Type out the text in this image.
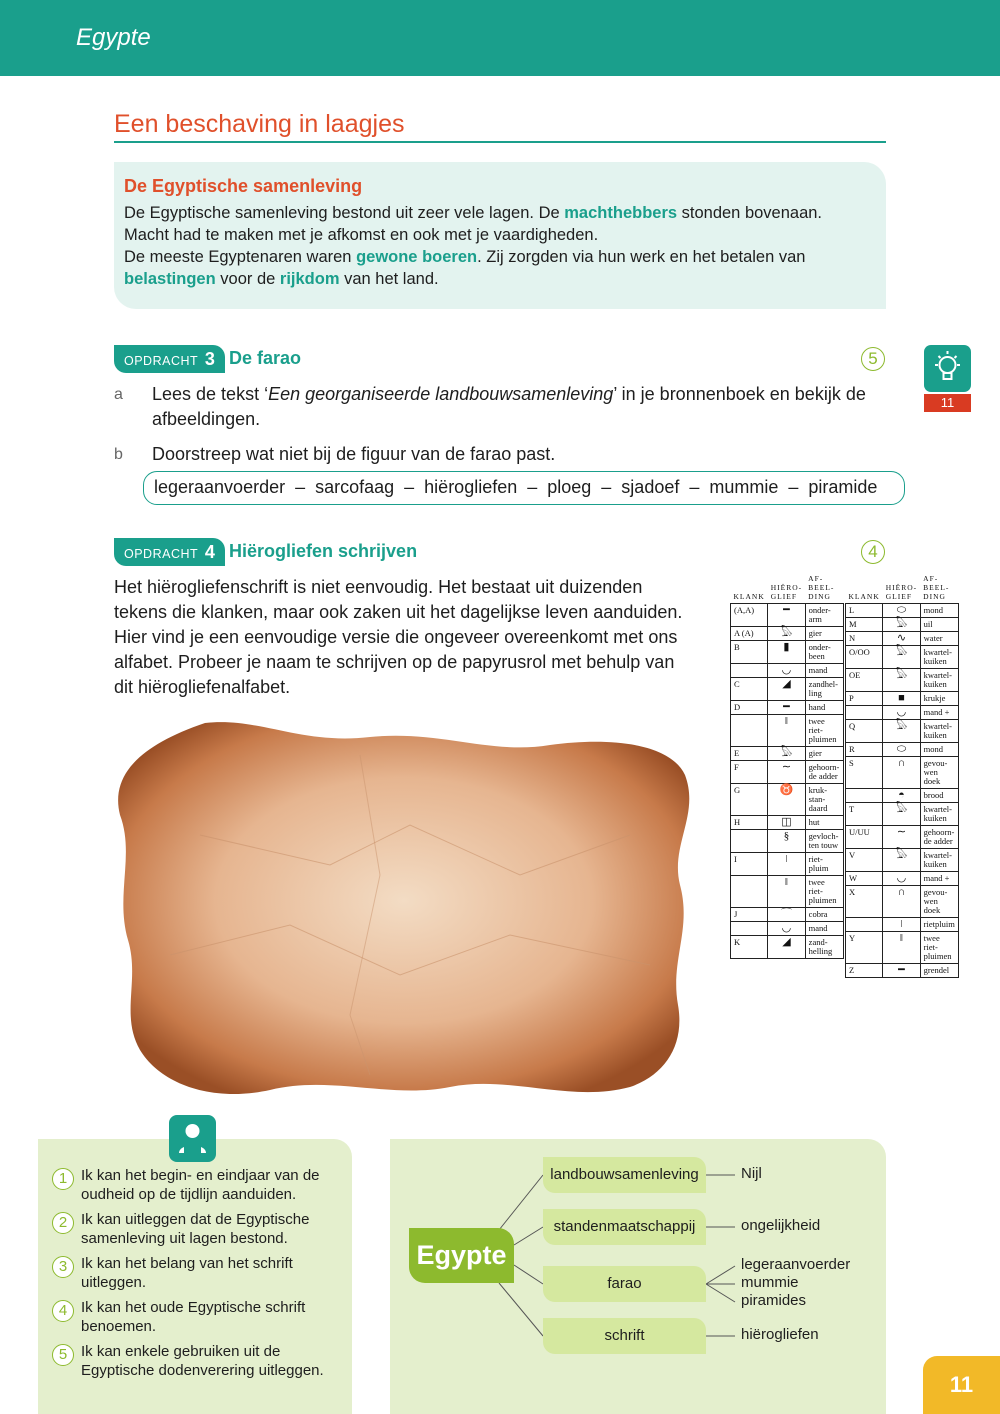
Egypte
Een beschaving in laagjes
De Egyptische samenleving
De Egyptische samenleving bestond uit zeer vele lagen. De machthebbers stonden bovenaan.
Macht had te maken met je afkomst en ook met je vaardigheden.
De meeste Egyptenaren waren gewone boeren. Zij zorgden via hun werk en het betalen van
belastingen voor de rijkdom van het land.
OPDRACHT 3 De farao	5
11
a Lees de tekst ‘Een georganiseerde landbouwsamenleving’ in je bronnenboek en bekijk de afbeeldingen.
b Doorstreep wat niet bij de figuur van de farao past.
legeraanvoerder  –  sarcofaag  –  hiërogliefen  –  ploeg  –  sjadoef  –  mummie  –  piramide
OPDRACHT 4 Hiërogliefen schrijven	4
Het hiërogliefenschrift is niet eenvoudig. Het bestaat uit duizenden tekens die klanken, maar ook zaken uit het dagelijkse leven aanduiden. Hier vind je een eenvoudige versie die ongeveer overeenkomt met ons alfabet. Probeer je naam te schrijven op de papyrusrol met behulp van dit hiërogliefenalfabet.
KLANK	HIËRO-GLIEF	AF-BEEL-DING
(A,A)	━	onder-arm
A (A)	𓅃	gier
B	▮	onder-been
	◡	mand
C	◢	zandhel-ling
D	━	hand
	‖	twee riet-pluimen
E	𓅃	gier
F	∼	gehoorn-de adder
G	♉	kruk-stan-daard
H	◫	hut
	§	gevloch-ten touw
I	ǀ	riet-pluim
	‖	twee riet-pluimen
J	⌒	cobra
	◡	mand
K	◢	zand-helling
KLANK	HIËRO-GLIEF	AF-BEEL-DING
L	⬭	mond
M	𓅃	uil
N	∿	water
O/OO	𓅃	kwartel-kuiken
OE	𓅃	kwartel-kuiken
P	■	krukje
	◡	mand +
Q	𓅃	kwartel-kuiken
R	⬭	mond
S	∩	gevou-wen doek
	◓	brood
T	𓅃	kwartel-kuiken
U/UU	∼	gehoorn-de adder
V	𓅃	kwartel-kuiken
W	◡	mand +
X	∩	gevou-wen doek
	ǀ	rietpluim
Y	‖	twee riet-pluimen
Z	━	grendel
1 Ik kan het begin- en eindjaar van de oudheid op de tijdlijn aanduiden.
2 Ik kan uitleggen dat de Egyptische samenleving uit lagen bestond.
3 Ik kan het belang van het schrift uitleggen.
4 Ik kan het oude Egyptische schrift benoemen.
5 Ik kan enkele gebruiken uit de Egyptische dodenverering uitleggen.
Egypte
landbouwsamenleving
standenmaatschappij
farao
schrift
Nijl
ongelijkheid
legeraanvoerder
mummie
piramides
hiërogliefen
11
